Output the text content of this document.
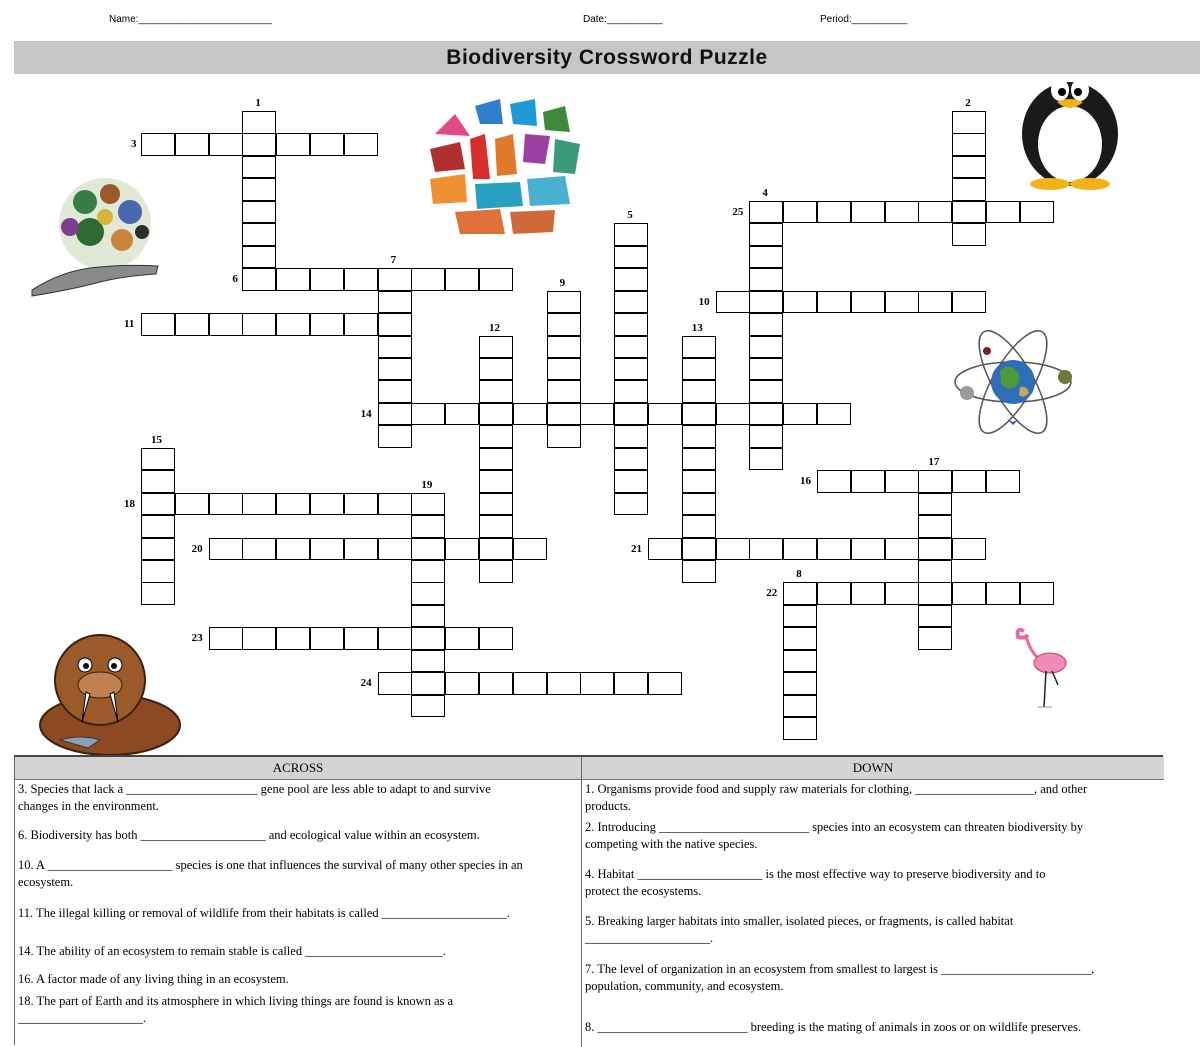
Name:________________________	Date:__________	Period:__________
Biodiversity Crossword Puzzle
1	2
3
4
5
6
7
8
9
10
11	12	13
14
15
16
17
18
19
20	21
22
23
24
25
ACROSS	DOWN
3. Species that lack a _____________________ gene pool are less able to adapt to and survive
changes in the environment.
6. Biodiversity has both ____________________ and ecological value within an ecosystem.
10. A ____________________ species is one that influences the survival of many other species in an
ecosystem.
11. The illegal killing or removal of wildlife from their habitats is called ____________________.
14. The ability of an ecosystem to remain stable is called ______________________.
16. A factor made of any living thing in an ecosystem.
18. The part of Earth and its atmosphere in which living things are found is known as a
____________________.
1. Organisms provide food and supply raw materials for clothing, ___________________, and other
products.
2. Introducing ________________________ species into an ecosystem can threaten biodiversity by
competing with the native species.
4. Habitat ____________________ is the most effective way to preserve biodiversity and to
protect the ecosystems.
5. Breaking larger habitats into smaller, isolated pieces, or fragments, is called habitat
____________________.
7. The level of organization in an ecosystem from smallest to largest is ________________________,
population, community, and ecosystem.
8. ________________________ breeding is the mating of animals in zoos or on wildlife preserves.
